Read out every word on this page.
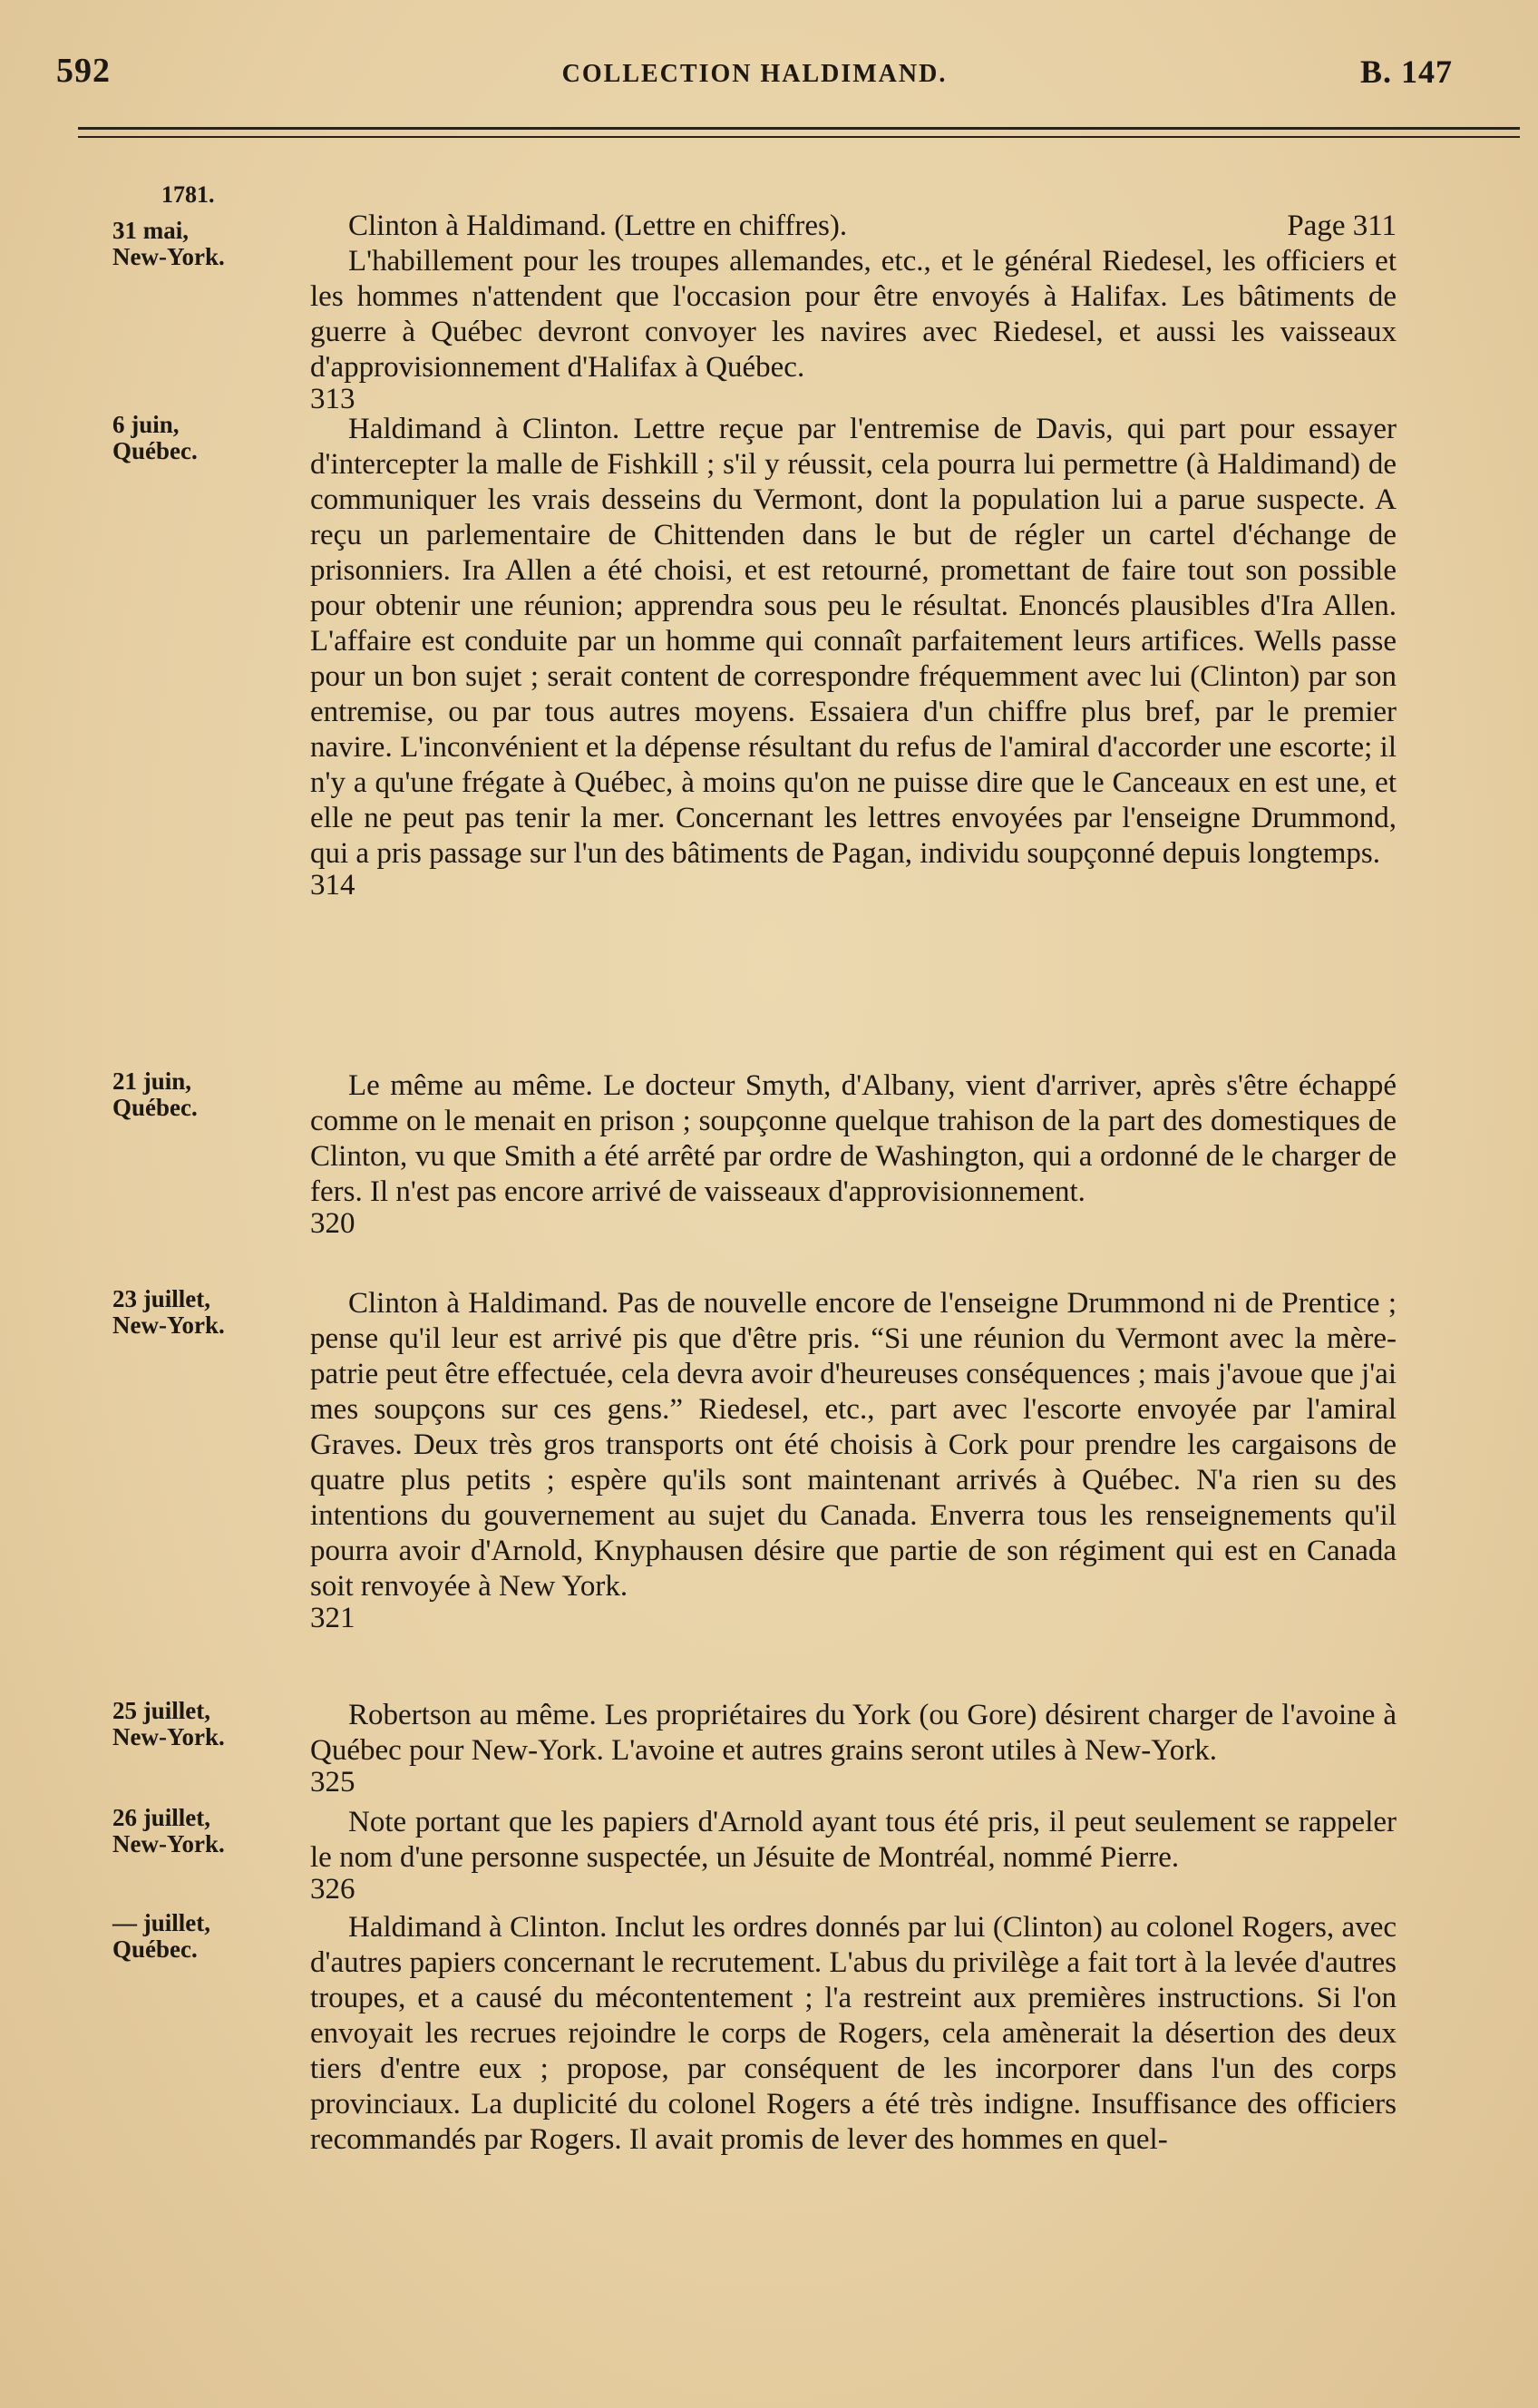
592	COLLECTION HALDIMAND.	B. 147
1781.
31 mai,
New-York.

Clinton à Haldimand. (Lettre en chiffres).	Page 311

L'habillement pour les troupes allemandes, etc., et le général Riedesel, les officiers et les hommes n'attendent que l'occasion pour être envoyés à Halifax. Les bâtiments de guerre à Québec devront convoyer les navires avec Riedesel, et aussi les vaisseaux d'approvisionnement d'Halifax à Québec.

313
6 juin,
Québec.

Haldimand à Clinton. Lettre reçue par l'entremise de Davis, qui part pour essayer d'intercepter la malle de Fishkill ; s'il y réussit, cela pourra lui permettre (à Haldimand) de communiquer les vrais desseins du Vermont, dont la population lui a parue suspecte. A reçu un parlementaire de Chittenden dans le but de régler un cartel d'échange de prisonniers. Ira Allen a été choisi, et est retourné, promettant de faire tout son possible pour obtenir une réunion; apprendra sous peu le résultat. Enoncés plausibles d'Ira Allen. L'affaire est conduite par un homme qui connaît parfaitement leurs artifices. Wells passe pour un bon sujet ; serait content de correspondre fréquemment avec lui (Clinton) par son entremise, ou par tous autres moyens. Essaiera d'un chiffre plus bref, par le premier navire. L'inconvénient et la dépense résultant du refus de l'amiral d'accorder une escorte; il n'y a qu'une frégate à Québec, à moins qu'on ne puisse dire que le Canceaux en est une, et elle ne peut pas tenir la mer. Concernant les lettres envoyées par l'enseigne Drummond, qui a pris passage sur l'un des bâtiments de Pagan, individu soupçonné depuis longtemps.

314
21 juin,
Québec.

Le même au même. Le docteur Smyth, d'Albany, vient d'arriver, après s'être échappé comme on le menait en prison ; soupçonne quelque trahison de la part des domestiques de Clinton, vu que Smith a été arrêté par ordre de Washington, qui a ordonné de le charger de fers. Il n'est pas encore arrivé de vaisseaux d'approvisionnement.

320
23 juillet,
New-York.

Clinton à Haldimand. Pas de nouvelle encore de l'enseigne Drummond ni de Prentice ; pense qu'il leur est arrivé pis que d'être pris. “Si une réunion du Vermont avec la mère-patrie peut être effectuée, cela devra avoir d'heureuses conséquences ; mais j'avoue que j'ai mes soupçons sur ces gens.” Riedesel, etc., part avec l'escorte envoyée par l'amiral Graves. Deux très gros transports ont été choisis à Cork pour prendre les cargaisons de quatre plus petits ; espère qu'ils sont maintenant arrivés à Québec. N'a rien su des intentions du gouvernement au sujet du Canada. Enverra tous les renseignements qu'il pourra avoir d'Arnold, Knyphausen désire que partie de son régiment qui est en Canada soit renvoyée à New York.

321
25 juillet,
New-York.

Robertson au même. Les propriétaires du York (ou Gore) désirent charger de l'avoine à Québec pour New-York. L'avoine et autres grains seront utiles à New-York.

325
26 juillet,
New-York.

Note portant que les papiers d'Arnold ayant tous été pris, il peut seulement se rappeler le nom d'une personne suspectée, un Jésuite de Montréal, nommé Pierre.

326
— juillet,
Québec.

Haldimand à Clinton. Inclut les ordres donnés par lui (Clinton) au colonel Rogers, avec d'autres papiers concernant le recrutement. L'abus du privilège a fait tort à la levée d'autres troupes, et a causé du mécontentement ; l'a restreint aux premières instructions. Si l'on envoyait les recrues rejoindre le corps de Rogers, cela amènerait la désertion des deux tiers d'entre eux ; propose, par conséquent de les incorporer dans l'un des corps provinciaux. La duplicité du colonel Rogers a été très indigne. Insuffisance des officiers recommandés par Rogers. Il avait promis de lever des hommes en quel-
